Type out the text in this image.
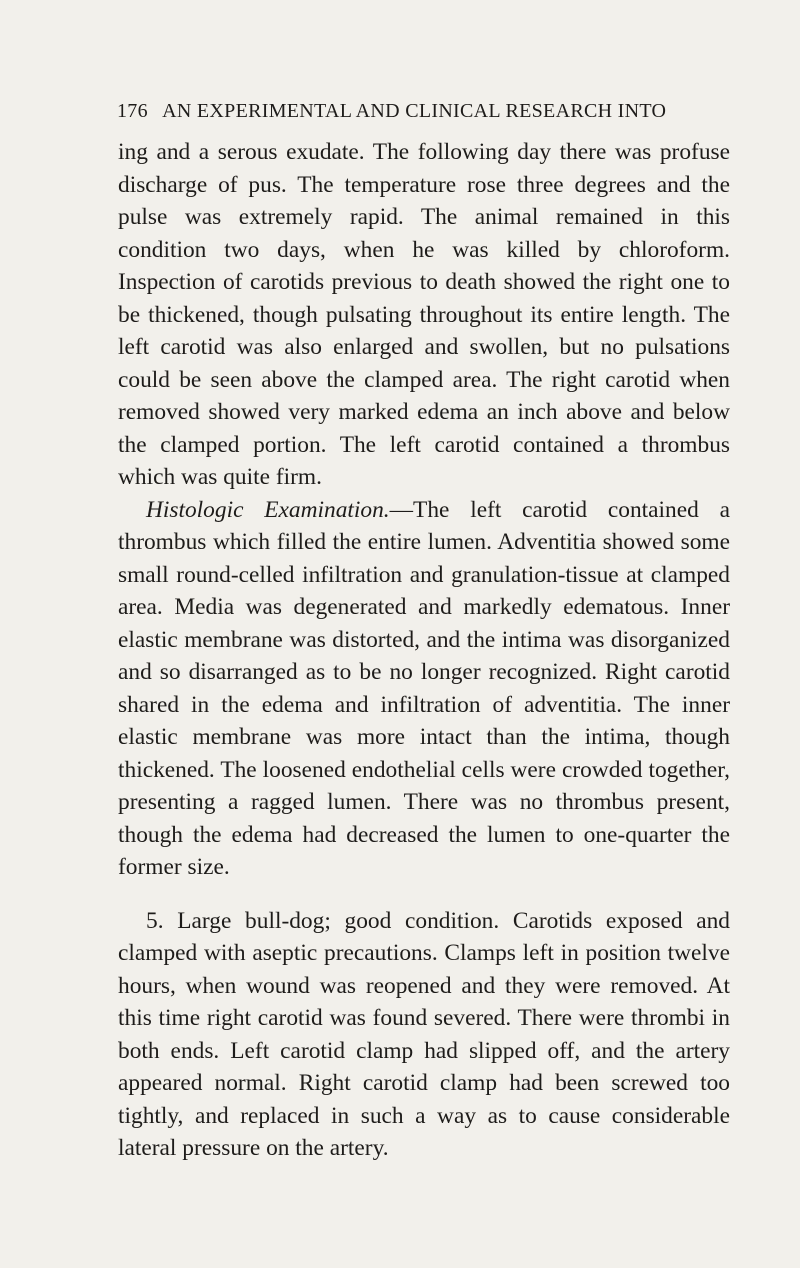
176 AN EXPERIMENTAL AND CLINICAL RESEARCH INTO

ing and a serous exudate. The following day there was profuse discharge of pus. The temperature rose three degrees and the pulse was extremely rapid. The animal remained in this condition two days, when he was killed by chloroform. Inspection of carotids previous to death showed the right one to be thickened, though pulsating throughout its entire length. The left carotid was also enlarged and swollen, but no pulsations could be seen above the clamped area. The right carotid when removed showed very marked edema an inch above and below the clamped portion. The left carotid contained a thrombus which was quite firm.

Histologic Examination.—The left carotid contained a thrombus which filled the entire lumen. Adventitia showed some small round-celled infiltration and granulation-tissue at clamped area. Media was degenerated and markedly edematous. Inner elastic membrane was distorted, and the intima was disorganized and so disarranged as to be no longer recognized. Right carotid shared in the edema and infiltration of adventitia. The inner elastic membrane was more intact than the intima, though thickened. The loosened endothelial cells were crowded together, presenting a ragged lumen. There was no thrombus present, though the edema had decreased the lumen to one-quarter the former size.

5. Large bull-dog; good condition. Carotids exposed and clamped with aseptic precautions. Clamps left in position twelve hours, when wound was reopened and they were removed. At this time right carotid was found severed. There were thrombi in both ends. Left carotid clamp had slipped off, and the artery appeared normal. Right carotid clamp had been screwed too tightly, and replaced in such a way as to cause considerable lateral pressure on the artery.
